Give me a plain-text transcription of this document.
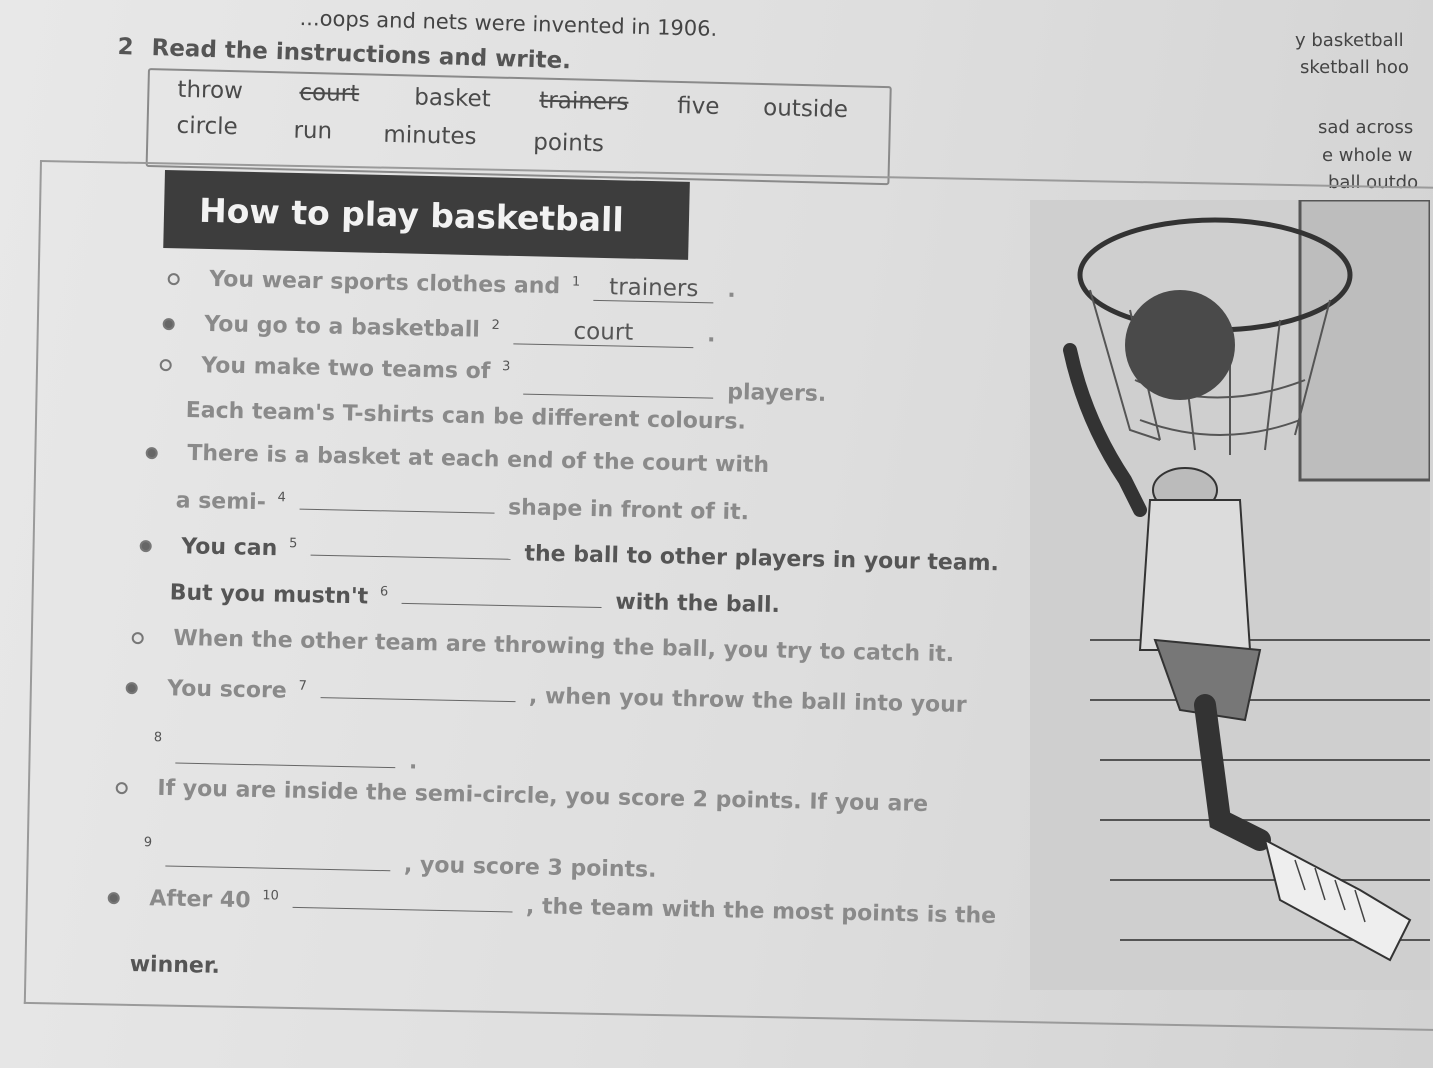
...oops and nets were invented in 1906.
2 Read the instructions and write.
throw court basket trainers five outside
circle run minutes points
y basketball
sketball hoo
sad across
e whole w
ball outdo
How to play basketball
You wear sports clothes and $^1$ trainers .
You go to a basketball $^2$	court	.
You make two teams of $^3$  players.
Each team's T-shirts can be different colours.
There is a basket at each end of the court with
a semi- $^4$	shape in front of it.
You can $^5$	the ball to other players in your team.
But you mustn't $^6$	with the ball.
When the other team are throwing the ball, you try to catch it.
You score $^7$	, when you throw the ball into your
$^8$  .
If you are inside the semi-circle, you score 2 points. If you are
$^9$  , you score 3 points.
After 40 $^{10}$	, the team with the most points is the
winner.
